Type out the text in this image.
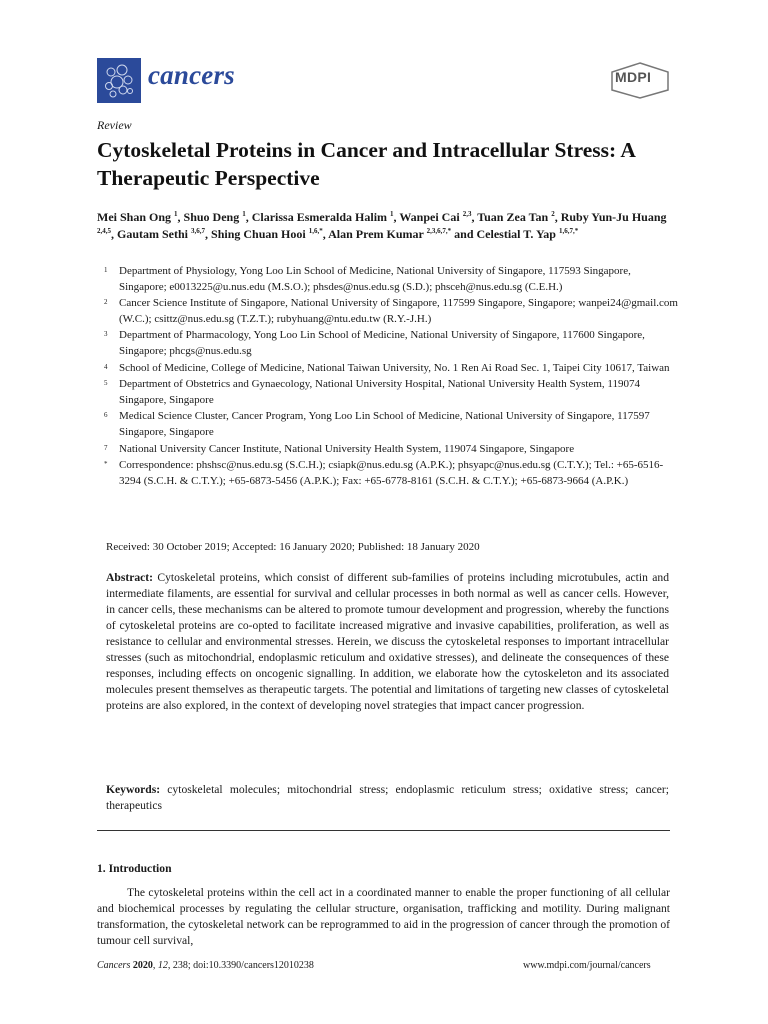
cancers	MDPI
Review
Cytoskeletal Proteins in Cancer and Intracellular Stress: A Therapeutic Perspective
Mei Shan Ong $^1$, Shuo Deng $^1$, Clarissa Esmeralda Halim $^1$, Wanpei Cai $^{2,3}$, Tuan Zea Tan $^2$, Ruby Yun-Ju Huang $^{2,4,5}$, Gautam Sethi $^{3,6,7}$, Shing Chuan Hooi $^{1,6,*}$, Alan Prem Kumar $^{2,3,6,7,*}$ and Celestial T. Yap $^{1,6,7,*}$
1	Department of Physiology, Yong Loo Lin School of Medicine, National University of Singapore, 117593 Singapore, Singapore; e0013225@u.nus.edu (M.S.O.); phsdes@nus.edu.sg (S.D.); phsceh@nus.edu.sg (C.E.H.)
2	Cancer Science Institute of Singapore, National University of Singapore, 117599 Singapore, Singapore; wanpei24@gmail.com (W.C.); csittz@nus.edu.sg (T.Z.T.); rubyhuang@ntu.edu.tw (R.Y.-J.H.)
3	Department of Pharmacology, Yong Loo Lin School of Medicine, National University of Singapore, 117600 Singapore, Singapore; phcgs@nus.edu.sg
4	School of Medicine, College of Medicine, National Taiwan University, No. 1 Ren Ai Road Sec. 1, Taipei City 10617, Taiwan
5	Department of Obstetrics and Gynaecology, National University Hospital, National University Health System, 119074 Singapore, Singapore
6	Medical Science Cluster, Cancer Program, Yong Loo Lin School of Medicine, National University of Singapore, 117597 Singapore, Singapore
7	National University Cancer Institute, National University Health System, 119074 Singapore, Singapore
*	Correspondence: phshsc@nus.edu.sg (S.C.H.); csiapk@nus.edu.sg (A.P.K.); phsyapc@nus.edu.sg (C.T.Y.); Tel.: +65-6516-3294 (S.C.H. & C.T.Y.); +65-6873-5456 (A.P.K.); Fax: +65-6778-8161 (S.C.H. & C.T.Y.); +65-6873-9664 (A.P.K.)
Received: 30 October 2019; Accepted: 16 January 2020; Published: 18 January 2020
Abstract: Cytoskeletal proteins, which consist of different sub-families of proteins including microtubules, actin and intermediate filaments, are essential for survival and cellular processes in both normal as well as cancer cells. However, in cancer cells, these mechanisms can be altered to promote tumour development and progression, whereby the functions of cytoskeletal proteins are co-opted to facilitate increased migrative and invasive capabilities, proliferation, as well as resistance to cellular and environmental stresses. Herein, we discuss the cytoskeletal responses to important intracellular stresses (such as mitochondrial, endoplasmic reticulum and oxidative stresses), and delineate the consequences of these responses, including effects on oncogenic signalling. In addition, we elaborate how the cytoskeleton and its associated molecules present themselves as therapeutic targets. The potential and limitations of targeting new classes of cytoskeletal proteins are also explored, in the context of developing novel strategies that impact cancer progression.
Keywords: cytoskeletal molecules; mitochondrial stress; endoplasmic reticulum stress; oxidative stress; cancer; therapeutics
1. Introduction
The cytoskeletal proteins within the cell act in a coordinated manner to enable the proper functioning of all cellular and biochemical processes by regulating the cellular structure, organisation, trafficking and motility. During malignant transformation, the cytoskeletal network can be reprogrammed to aid in the progression of cancer through the promotion of tumour cell survival,
Cancers 2020, 12, 238; doi:10.3390/cancers12010238	www.mdpi.com/journal/cancers
